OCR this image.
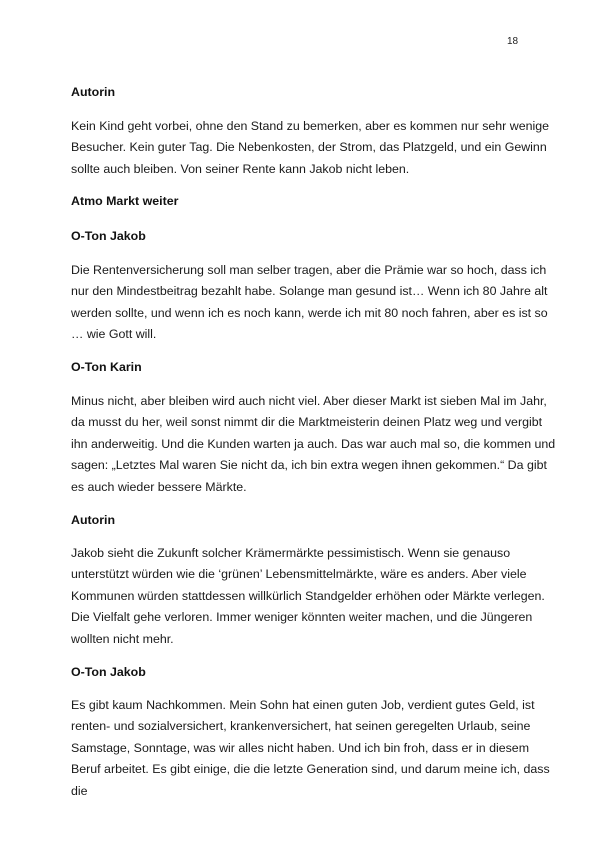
18

Autorin

Kein Kind geht vorbei, ohne den Stand zu bemerken, aber es kommen nur sehr wenige Besucher. Kein guter Tag. Die Nebenkosten, der Strom, das Platzgeld, und ein Gewinn sollte auch bleiben. Von seiner Rente kann Jakob nicht leben.

Atmo Markt weiter

O-Ton Jakob

Die Rentenversicherung soll man selber tragen, aber die Prämie war so hoch, dass ich nur den Mindestbeitrag bezahlt habe. Solange man gesund ist… Wenn ich 80 Jahre alt werden sollte, und wenn ich es noch kann, werde ich mit 80 noch fahren, aber es ist so … wie Gott will.

O-Ton Karin

Minus nicht, aber bleiben wird auch nicht viel. Aber dieser Markt ist sieben Mal im Jahr, da musst du her, weil sonst nimmt dir die Marktmeisterin deinen Platz weg und vergibt ihn anderweitig. Und die Kunden warten ja auch. Das war auch mal so, die kommen und sagen: „Letztes Mal waren Sie nicht da, ich bin extra wegen ihnen gekommen.“ Da gibt es auch wieder bessere Märkte.

Autorin

Jakob sieht die Zukunft solcher Krämermärkte pessimistisch. Wenn sie genauso unterstützt würden wie die ‘grünen’ Lebensmittelmärkte, wäre es anders. Aber viele Kommunen würden stattdessen willkürlich Standgelder erhöhen oder Märkte verlegen. Die Vielfalt gehe verloren. Immer weniger könnten weiter machen, und die Jüngeren wollten nicht mehr.

O-Ton Jakob

Es gibt kaum Nachkommen. Mein Sohn hat einen guten Job, verdient gutes Geld, ist renten- und sozialversichert, krankenversichert, hat seinen geregelten Urlaub, seine Samstage, Sonntage, was wir alles nicht haben. Und ich bin froh, dass er in diesem Beruf arbeitet. Es gibt einige, die die letzte Generation sind, und darum meine ich, dass die
